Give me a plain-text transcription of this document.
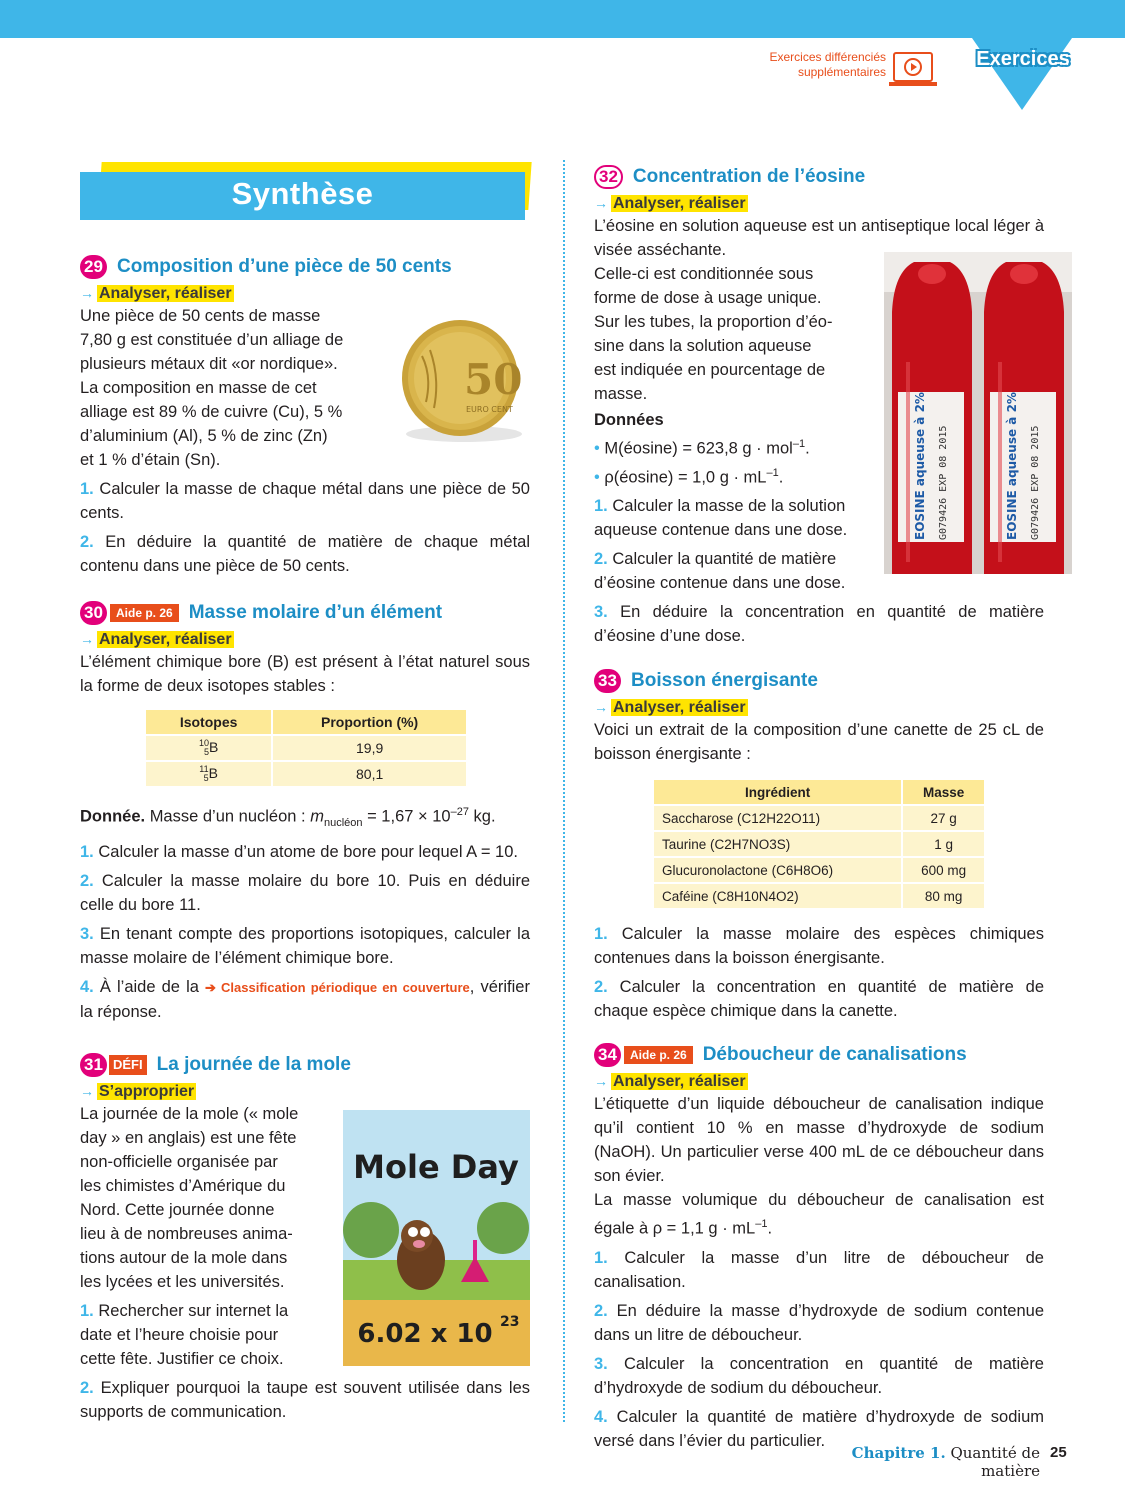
Exercices
Exercices différenciés
supplémentaires
Synthèse
29 Composition d’une pièce de 50 cents
→ Analyser, réaliser
Une pièce de 50 cents de masse
7,80 g est constituée d’un alliage de
plusieurs métaux dit «or nordique».
La composition en masse de cet
alliage est 89 % de cuivre (Cu), 5 %
d’aluminium (Al), 5 % de zinc (Zn)
et 1 % d’étain (Sn).
50
EURO CENT
1. Calculer la masse de chaque métal dans une pièce de 50 cents.
2. En déduire la quantité de matière de chaque métal contenu dans une pièce de 50 cents.
30	Aide p. 26 Masse molaire d’un élément
→ Analyser, réaliser
L’élément chimique bore (B) est présent à l’état naturel sous la forme de deux isotopes stables :
Isotopes	Proportion (%)
10
5B	19,9
11
5B	80,1
Donnée. Masse d’un nucléon : $m_{nucléon} = 1,67 \times 10^{-27}$ kg.
1. Calculer la masse d’un atome de bore pour lequel A = 10.
2. Calculer la masse molaire du bore 10. Puis en déduire celle du bore 11.
3. En tenant compte des proportions isotopiques, calculer la masse molaire de l’élément chimique bore.
4. À l’aide de la ➔ Classification périodique en couverture, vérifier la réponse.
31 DÉFI La journée de la mole
→ S’approprier
La journée de la mole (« mole
day » en anglais) est une fête
non-officielle organisée par
les chimistes d’Amérique du
Nord. Cette journée donne
lieu à de nombreuses anima-
tions autour de la mole dans
les lycées et les universités.
1. Rechercher sur internet la
date et l’heure choisie pour
cette fête. Justifier ce choix.
2. Expliquer pourquoi la taupe est souvent utilisée dans les supports de communication.
Mole Day
6.02 x 10 23
32 Concentration de l’éosine
→ Analyser, réaliser
L’éosine en solution aqueuse est un antiseptique local léger à visée asséchante.
Celle-ci est conditionnée sous
forme de dose à usage unique.
Sur les tubes, la proportion d’éo-
sine dans la solution aqueuse
est indiquée en pourcentage de
masse.
Données
• M(éosine) = 623,8 g · mol$^{-1}$.
• ρ(éosine) = 1,0 $g \cdot mL^{-1}$.
1. Calculer la masse de la solution
aqueuse contenue dans une dose.
2. Calculer la quantité de matière
d’éosine contenue dans une dose.
3. En déduire la concentration en quantité de matière d’éosine d’une dose.
EOSINE aqueuse à 2% G079426 EXP 08 2015	EOSINE aqueuse à 2% G079426 EXP 08 2015
33 Boisson énergisante
→ Analyser, réaliser
Voici un extrait de la composition d’une canette de 25 cL de boisson énergisante :
Ingrédient	Masse
Saccharose (C12H22O11)	27 g
Taurine (C2H7NO3S)	1 g
Glucuronolactone (C6H8O6)	600 mg
Caféine (C8H10N4O2)	80 mg
1. Calculer la masse molaire des espèces chimiques contenues dans la boisson énergisante.
2. Calculer la concentration en quantité de matière de chaque espèce chimique dans la canette.
34	Aide p. 26 Déboucheur de canalisations
→ Analyser, réaliser
L’étiquette d’un liquide déboucheur de canalisation indique qu’il contient 10 % en masse d’hydroxyde de sodium (NaOH). Un particulier verse 400 mL de ce déboucheur dans son évier.
La masse volumique du déboucheur de canalisation est égale à ρ = 1,1 $g \cdot mL^{-1}$.
1. Calculer la masse d’un litre de déboucheur de canalisation.
2. En déduire la masse d’hydroxyde de sodium contenue dans un litre de déboucheur.
3. Calculer la concentration en quantité de matière d’hydroxyde de sodium du déboucheur.
4. Calculer la quantité de matière d’hydroxyde de sodium versé dans l’évier du particulier.
Chapitre 1. Quantité de matière
25
